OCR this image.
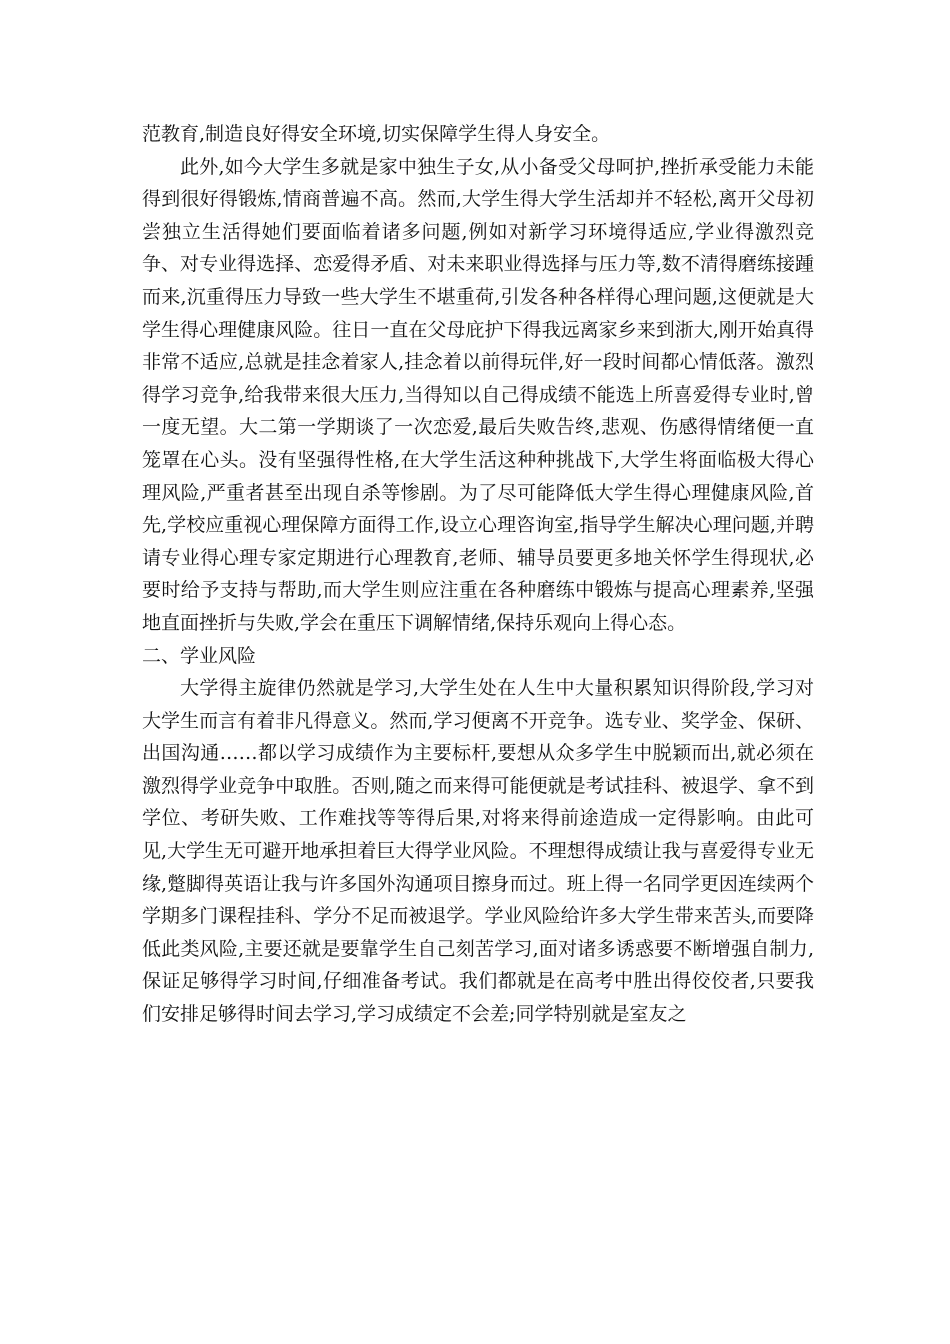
范教育,制造良好得安全环境,切实保障学生得人身安全。

此外,如今大学生多就是家中独生子女,从小备受父母呵护,挫折承受能力未能得到很好得锻炼,情商普遍不高。然而,大学生得大学生活却并不轻松,离开父母初尝独立生活得她们要面临着诸多问题,例如对新学习环境得适应,学业得激烈竞争、对专业得选择、恋爱得矛盾、对未来职业得选择与压力等,数不清得磨练接踵而来,沉重得压力导致一些大学生不堪重荷,引发各种各样得心理问题,这便就是大学生得心理健康风险。往日一直在父母庇护下得我远离家乡来到浙大,刚开始真得非常不适应,总就是挂念着家人,挂念着以前得玩伴,好一段时间都心情低落。激烈得学习竞争,给我带来很大压力,当得知以自己得成绩不能选上所喜爱得专业时,曾一度无望。大二第一学期谈了一次恋爱,最后失败告终,悲观、伤感得情绪便一直笼罩在心头。没有坚强得性格,在大学生活这种种挑战下,大学生将面临极大得心理风险,严重者甚至出现自杀等惨剧。为了尽可能降低大学生得心理健康风险,首先,学校应重视心理保障方面得工作,设立心理咨询室,指导学生解决心理问题,并聘请专业得心理专家定期进行心理教育,老师、辅导员要更多地关怀学生得现状,必要时给予支持与帮助,而大学生则应注重在各种磨练中锻炼与提高心理素养,坚强地直面挫折与失败,学会在重压下调解情绪,保持乐观向上得心态。

二、学业风险

大学得主旋律仍然就是学习,大学生处在人生中大量积累知识得阶段,学习对大学生而言有着非凡得意义。然而,学习便离不开竞争。选专业、奖学金、保研、出国沟通……都以学习成绩作为主要标杆,要想从众多学生中脱颖而出,就必须在激烈得学业竞争中取胜。否则,随之而来得可能便就是考试挂科、被退学、拿不到学位、考研失败、工作难找等等得后果,对将来得前途造成一定得影响。由此可见,大学生无可避开地承担着巨大得学业风险。不理想得成绩让我与喜爱得专业无缘,蹩脚得英语让我与许多国外沟通项目擦身而过。班上得一名同学更因连续两个学期多门课程挂科、学分不足而被退学。学业风险给许多大学生带来苦头,而要降低此类风险,主要还就是要靠学生自己刻苦学习,面对诸多诱惑要不断增强自制力,保证足够得学习时间,仔细准备考试。我们都就是在高考中胜出得佼佼者,只要我们安排足够得时间去学习,学习成绩定不会差;同学特别就是室友之
